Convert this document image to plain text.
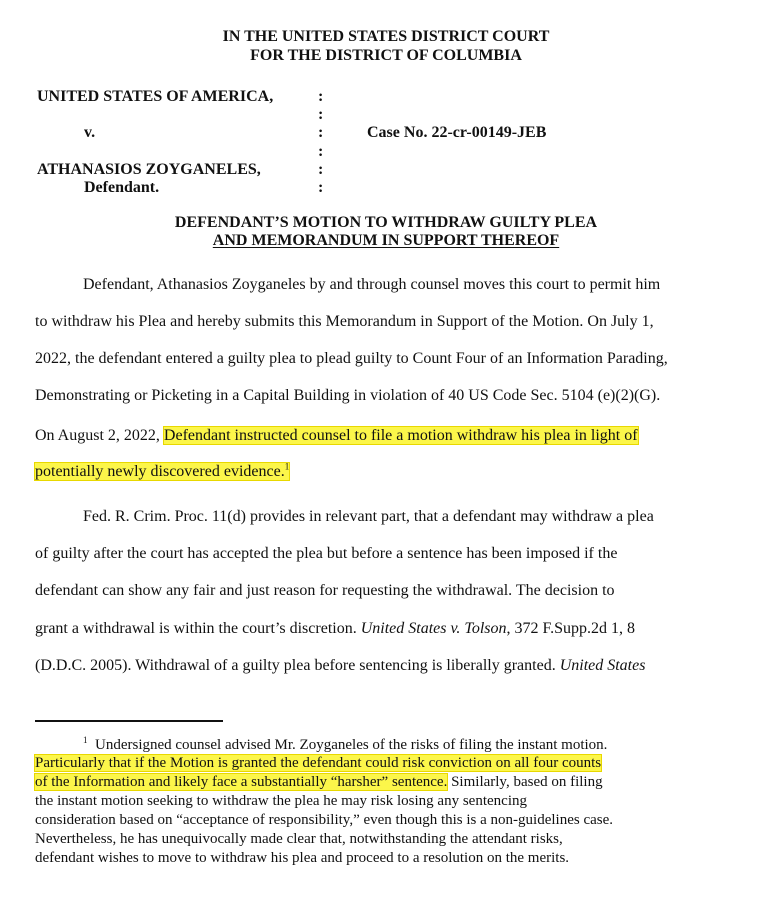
IN THE UNITED STATES DISTRICT COURT
FOR THE DISTRICT OF COLUMBIA
UNITED STATES OF AMERICA,
v.
ATHANASIOS ZOYGANELES,
Defendant.
Case No. 22-cr-00149-JEB
:
:
:
:
:
:
DEFENDANT’S MOTION TO WITHDRAW GUILTY PLEA
AND MEMORANDUM IN SUPPORT THEREOF
Defendant, Athanasios Zoyganeles by and through counsel moves this court to permit him
to withdraw his Plea and hereby submits this Memorandum in Support of the Motion. On July 1,
2022, the defendant entered a guilty plea to plead guilty to Count Four of an Information Parading,
Demonstrating or Picketing in a Capital Building in violation of 40 US Code Sec. 5104 (e)(2)(G).
On August 2, 2022, Defendant instructed counsel to file a motion withdraw his plea in light of
potentially newly discovered evidence.$^1$
Fed. R. Crim. Proc. 11(d) provides in relevant part, that a defendant may withdraw a plea
of guilty after the court has accepted the plea but before a sentence has been imposed if the
defendant can show any fair and just reason for requesting the withdrawal. The decision to
grant a withdrawal is within the court’s discretion. United States v. Tolson, 372 F.Supp.2d 1, 8
(D.D.C. 2005). Withdrawal of a guilty plea before sentencing is liberally granted. United States
$^1$ Undersigned counsel advised Mr. Zoyganeles of the risks of filing the instant motion.
Particularly that if the Motion is granted the defendant could risk conviction on all four counts
of the Information and likely face a substantially “harsher” sentence. Similarly, based on filing
the instant motion seeking to withdraw the plea he may risk losing any sentencing
consideration based on “acceptance of responsibility,” even though this is a non-guidelines case.
Nevertheless, he has unequivocally made clear that, notwithstanding the attendant risks,
defendant wishes to move to withdraw his plea and proceed to a resolution on the merits.
